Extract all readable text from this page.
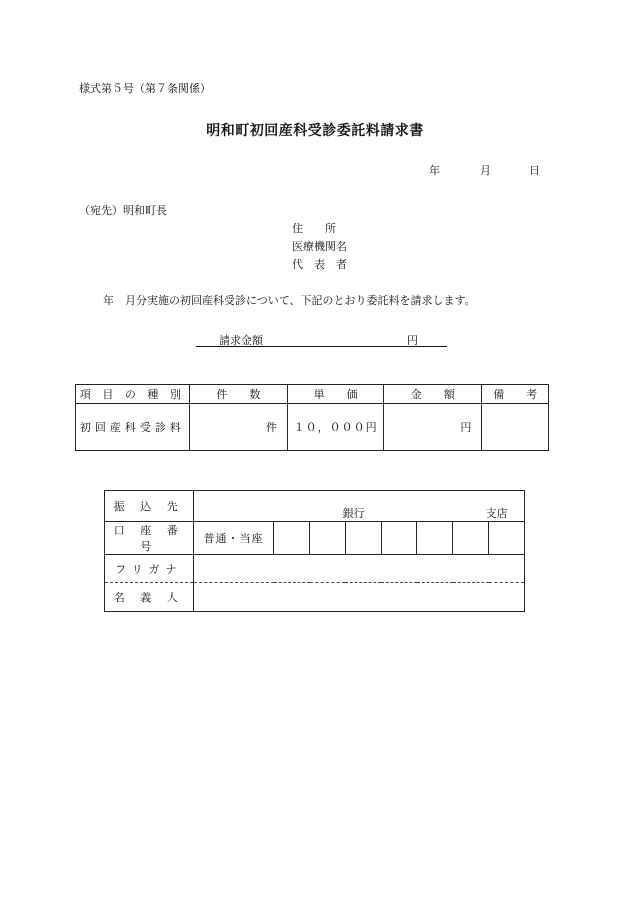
様式第５号（第７条関係）
明和町初回産科受診委託料請求書
年	月	日
（宛先）明和町長
住　　所
医療機関名
代　表　者
年　月分実施の初回産科受診について、下記のとおり委託料を請求します。
請求金額	円
項 目 の 種 別	件　　数	単　　価	金　　額	備　　考
初回産科受診料	件	１０，０００円	円	
振 込 先	銀行 支店							

口 座 番 号	普通・当座							
フリガナ								
名 義 人								
